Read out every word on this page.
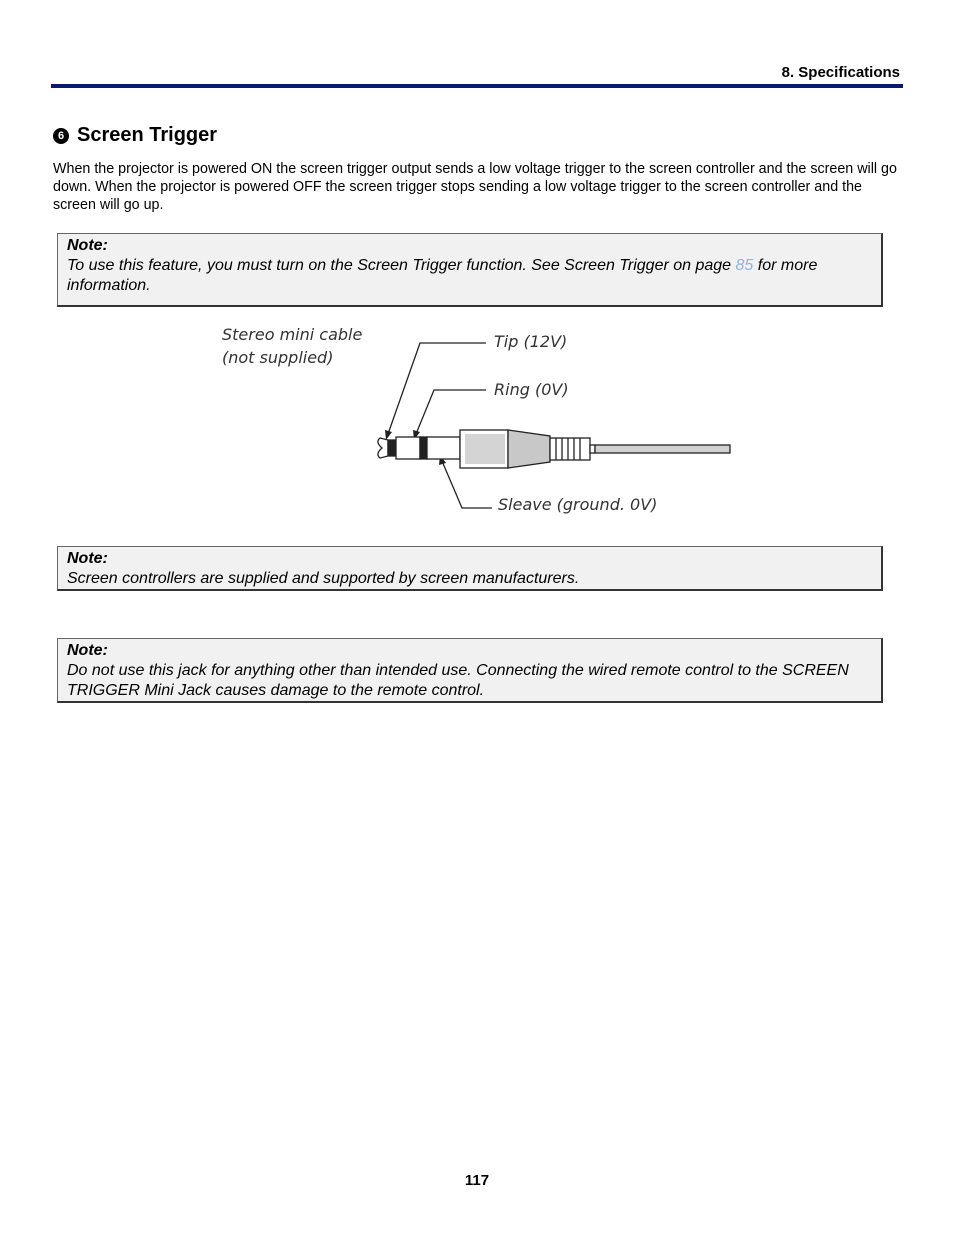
8. Specifications
6 Screen Trigger

When the projector is powered ON the screen trigger output sends a low voltage trigger to the screen controller and the screen will go down. When the projector is powered OFF the screen trigger stops sending a low voltage trigger to the screen controller and the screen will go up.

Note:
To use this feature, you must turn on the Screen Trigger function. See Screen Trigger on page 85 for more information.
Stereo mini cable
(not supplied)
Tip (12V)
Ring (0V)
Sleave (ground. 0V)
Note:
Screen controllers are supplied and supported by screen manufacturers.
Note:
Do not use this jack for anything other than intended use. Connecting the wired remote control to the SCREEN TRIGGER Mini Jack causes damage to the remote control.
117
